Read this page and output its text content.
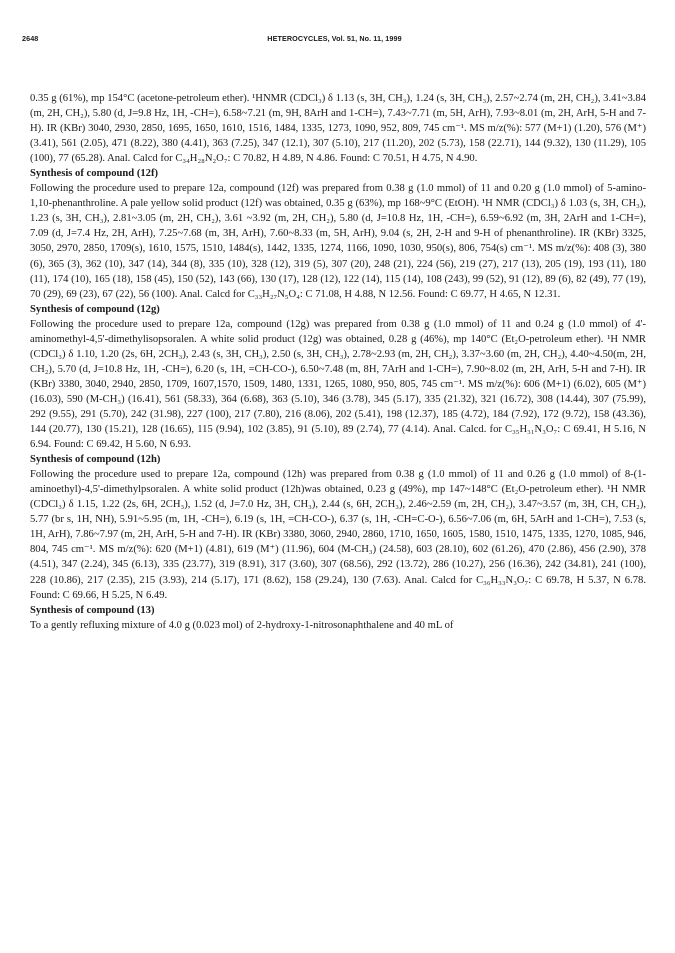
2648	HETEROCYCLES, Vol. 51, No. 11, 1999

0.35 g (61%), mp 154°C (acetone-petroleum ether). ¹HNMR (CDCl₃) δ 1.13 (s, 3H, CH₃), 1.24 (s, 3H, CH₃), 2.57~2.74 (m, 2H, CH₂), 3.41~3.84 (m, 2H, CH₂), 5.80 (d, J=9.8 Hz, 1H, -CH=), 6.58~7.21 (m, 9H, 8ArH and 1-CH=), 7.43~7.71 (m, 5H, ArH), 7.93~8.01 (m, 2H, ArH, 5-H and 7-H). IR (KBr) 3040, 2930, 2850, 1695, 1650, 1610, 1516, 1484, 1335, 1273, 1090, 952, 809, 745 cm⁻¹. MS m/z(%): 577 (M+1) (1.20), 576 (M⁺) (3.41), 561 (2.05), 471 (8.22), 380 (4.41), 363 (7.25), 347 (12.1), 307 (5.10), 217 (11.20), 202 (5.73), 158 (22.71), 144 (9.32), 130 (11.29), 105 (100), 77 (65.28). Anal. Calcd for C₃₄H₂₈N₂O₇: C 70.82, H 4.89, N 4.86. Found: C 70.51, H 4.75, N 4.90.

Synthesis of compound (12f)

Following the procedure used to prepare 12a, compound (12f) was prepared from 0.38 g (1.0 mmol) of 11 and 0.20 g (1.0 mmol) of 5-amino-1,10-phenanthroline. A pale yellow solid product (12f) was obtained, 0.35 g (63%), mp 168~9°C (EtOH). ¹H NMR (CDCl₃) δ 1.03 (s, 3H, CH₃), 1.23 (s, 3H, CH₃), 2.81~3.05 (m, 2H, CH₂), 3.61 ~3.92 (m, 2H, CH₂), 5.80 (d, J=10.8 Hz, 1H, -CH=), 6.59~6.92 (m, 3H, 2ArH and 1-CH=), 7.09 (d, J=7.4 Hz, 2H, ArH), 7.25~7.68 (m, 3H, ArH), 7.60~8.33 (m, 5H, ArH), 9.04 (s, 2H, 2-H and 9-H of phenanthroline). IR (KBr) 3325, 3050, 2970, 2850, 1709(s), 1610, 1575, 1510, 1484(s), 1442, 1335, 1274, 1166, 1090, 1030, 950(s), 806, 754(s) cm⁻¹. MS m/z(%): 408 (3), 380 (6), 365 (3), 362 (10), 347 (14), 344 (8), 335 (10), 328 (12), 319 (5), 307 (20), 248 (21), 224 (56), 219 (27), 217 (13), 205 (19), 193 (11), 180 (11), 174 (10), 165 (18), 158 (45), 150 (52), 143 (66), 130 (17), 128 (12), 122 (14), 115 (14), 108 (243), 99 (52), 91 (12), 89 (6), 82 (49), 77 (19), 70 (29), 69 (23), 67 (22), 56 (100). Anal. Calcd for C₃₃H₂₇N₅O₄: C 71.08, H 4.88, N 12.56. Found: C 69.77, H 4.65, N 12.31.

Synthesis of compound (12g)

Following the procedure used to prepare 12a, compound (12g) was prepared from 0.38 g (1.0 mmol) of 11 and 0.24 g (1.0 mmol) of 4'-aminomethyl-4,5'-dimethylisopsoralen. A white solid product (12g) was obtained, 0.28 g (46%), mp 140°C (Et₂O-petroleum ether). ¹H NMR (CDCl₃) δ 1.10, 1.20 (2s, 6H, 2CH₃), 2.43 (s, 3H, CH₃), 2.50 (s, 3H, CH₃), 2.78~2.93 (m, 2H, CH₂), 3.37~3.60 (m, 2H, CH₂), 4.40~4.50(m, 2H, CH₂), 5.70 (d, J=10.8 Hz, 1H, -CH=), 6.20 (s, 1H, =CH-CO-), 6.50~7.48 (m, 8H, 7ArH and 1-CH=), 7.90~8.02 (m, 2H, ArH, 5-H and 7-H). IR (KBr) 3380, 3040, 2940, 2850, 1709, 1607,1570, 1509, 1480, 1331, 1265, 1080, 950, 805, 745 cm⁻¹. MS m/z(%): 606 (M+1) (6.02), 605 (M⁺) (16.03), 590 (M-CH₃) (16.41), 561 (58.33), 364 (6.68), 363 (5.10), 346 (3.78), 345 (5.17), 335 (21.32), 321 (16.72), 308 (14.44), 307 (75.99), 292 (9.55), 291 (5.70), 242 (31.98), 227 (100), 217 (7.80), 216 (8.06), 202 (5.41), 198 (12.37), 185 (4.72), 184 (7.92), 172 (9.72), 158 (43.36), 144 (20.77), 130 (15.21), 128 (16.65), 115 (9.94), 102 (3.85), 91 (5.10), 89 (2.74), 77 (4.14). Anal. Calcd. for C₃₅H₃₁N₃O₇: C 69.41, H 5.16, N 6.94. Found: C 69.42, H 5.60, N 6.93.

Synthesis of compound (12h)

Following the procedure used to prepare 12a, compound (12h) was prepared from 0.38 g (1.0 mmol) of 11 and 0.26 g (1.0 mmol) of 8-(1-aminoethyl)-4,5'-dimethylpsoralen. A white solid product (12h)was obtained, 0.23 g (49%), mp 147~148°C (Et₂O-petroleum ether). ¹H NMR (CDCl₃) δ 1.15, 1.22 (2s, 6H, 2CH₃), 1.52 (d, J=7.0 Hz, 3H, CH₃), 2.44 (s, 6H, 2CH₃), 2.46~2.59 (m, 2H, CH₂), 3.47~3.57 (m, 3H, CH, CH₂), 5.77 (br s, 1H, NH), 5.91~5.95 (m, 1H, -CH=), 6.19 (s, 1H, =CH-CO-), 6.37 (s, 1H, -CH=C-O-), 6.56~7.06 (m, 6H, 5ArH and 1-CH=), 7.53 (s, 1H, ArH), 7.86~7.97 (m, 2H, ArH, 5-H and 7-H). IR (KBr) 3380, 3060, 2940, 2860, 1710, 1650, 1605, 1580, 1510, 1475, 1335, 1270, 1085, 946, 804, 745 cm⁻¹. MS m/z(%): 620 (M+1) (4.81), 619 (M⁺) (11.96), 604 (M-CH₃) (24.58), 603 (28.10), 602 (61.26), 470 (2.86), 456 (2.90), 378 (4.51), 347 (2.24), 345 (6.13), 335 (23.77), 319 (8.91), 317 (3.60), 307 (68.56), 292 (13.72), 286 (10.27), 256 (16.36), 242 (34.81), 241 (100), 228 (10.86), 217 (2.35), 215 (3.93), 214 (5.17), 171 (8.62), 158 (29.24), 130 (7.63). Anal. Calcd for C₃₆H₃₃N₃O₇: C 69.78, H 5.37, N 6.78. Found: C 69.66, H 5.25, N 6.49.

Synthesis of compound (13)

To a gently refluxing mixture of 4.0 g (0.023 mol) of 2-hydroxy-1-nitrosonaphthalene and 40 mL of
